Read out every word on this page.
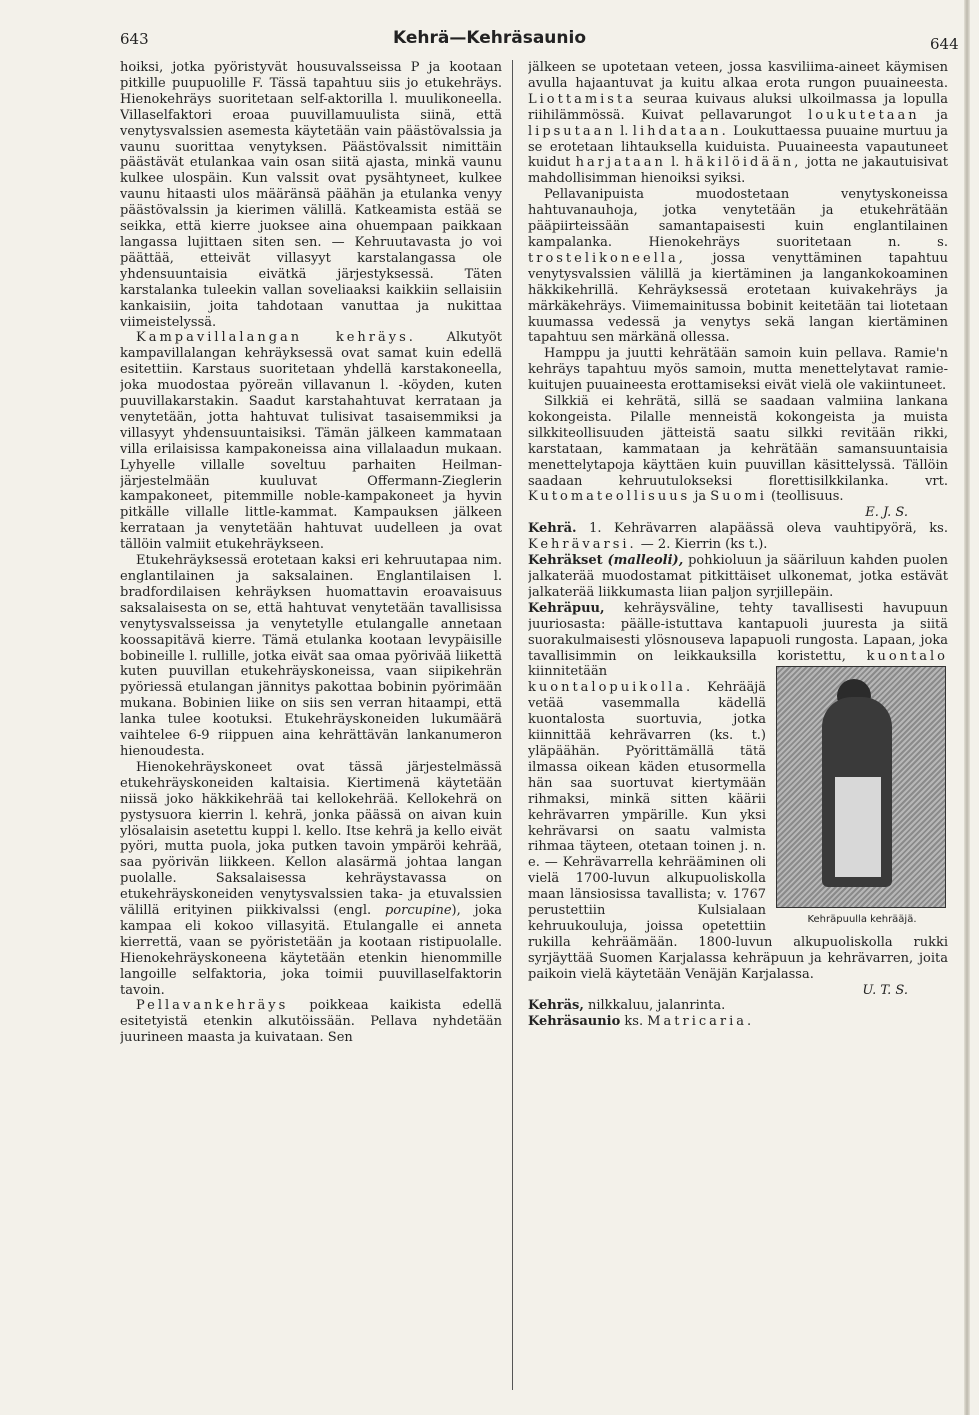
643	Kehrä—Kehräsaunio	644

hoiksi, jotka pyöristyvät housuvalsseissa P ja kootaan pitkille puupuolille F. Tässä tapahtuu siis jo etukehräys. Hienokehräys suoritetaan self-aktorilla l. muulikoneella. Villaselfaktori eroaa puuvillamuulista siinä, että venytysvalssien asemesta käytetään vain päästövalssia ja vaunu suorittaa venytyksen. Päästövalssit nimittäin päästävät etulankaa vain osan siitä ajasta, minkä vaunu kulkee ulospäin. Kun valssit ovat pysähtyneet, kulkee vaunu hitaasti ulos määränsä päähän ja etulanka venyy päästövalssin ja kierimen välillä. Katkeamista estää se seikka, että kierre juoksee aina ohuempaan paikkaan langassa lujittaen siten sen. — Kehruutavasta jo voi päättää, etteivät villasyyt karstalangassa ole yhdensuuntaisia eivätkä järjestyksessä. Täten karstalanka tuleekin vallan soveliaaksi kaikkiin sellaisiin kankaisiin, joita tahdotaan vanuttaa ja nukittaa viimeistelyssä.

Kampavillalangan kehräys. Alkutyöt kampavillalangan kehräyksessä ovat samat kuin edellä esitettiin. Karstaus suoritetaan yhdellä karstakoneella, joka muodostaa pyöreän villavanun l. -köyden, kuten puuvillakarstakin. Saadut karstahahtuvat kerrataan ja venytetään, jotta hahtuvat tulisivat tasaisemmiksi ja villasyyt yhdensuuntaisiksi. Tämän jälkeen kammataan villa erilaisissa kampakoneissa aina villalaadun mukaan. Lyhyelle villalle soveltuu parhaiten Heilman-järjestelmään kuuluvat Offermann-Zieglerin kampakoneet, pitemmille noble-kampakoneet ja hyvin pitkälle villalle little-kammat. Kampauksen jälkeen kerrataan ja venytetään hahtuvat uudelleen ja ovat tällöin valmiit etukehräykseen.

Etukehräyksessä erotetaan kaksi eri kehruutapaa nim. englantilainen ja saksalainen. Englantilaisen l. bradfordilaisen kehräyksen huomattavin eroavaisuus saksalaisesta on se, että hahtuvat venytetään tavallisissa venytysvalsseissa ja venytetylle etulangalle annetaan koossapitävä kierre. Tämä etulanka kootaan levypäisille bobineille l. rullille, jotka eivät saa omaa pyörivää liikettä kuten puuvillan etukehräyskoneissa, vaan siipikehrän pyöriessä etulangan jännitys pakottaa bobinin pyörimään mukana. Bobinien liike on siis sen verran hitaampi, että lanka tulee kootuksi. Etukehräyskoneiden lukumäärä vaihtelee 6-9 riippuen aina kehrättävän lankanumeron hienoudesta.

Hienokehräyskoneet ovat tässä järjestelmässä etukehräyskoneiden kaltaisia. Kiertimenä käytetään niissä joko häkkikehrää tai kellokehrää. Kellokehrä on pystysuora kierrin l. kehrä, jonka päässä on aivan kuin ylösalaisin asetettu kuppi l. kello. Itse kehrä ja kello eivät pyöri, mutta puola, joka putken tavoin ympäröi kehrää, saa pyörivän liikkeen. Kellon alasärmä johtaa langan puolalle. Saksalaisessa kehräystavassa on etukehräyskoneiden venytysvalssien taka- ja etuvalssien välillä erityinen piikkivalssi (engl. porcupine), joka kampaa eli kokoo villasyitä. Etulangalle ei anneta kierrettä, vaan se pyöristetään ja kootaan ristipuolalle. Hienokehräyskoneena käytetään etenkin hienommille langoille selfaktoria, joka toimii puuvillaselfaktorin tavoin.

Pellavankehräys poikkeaa kaikista edellä esitetyistä etenkin alkutöissään. Pellava nyhdetään juurineen maasta ja kuivataan. Sen

jälkeen se upotetaan veteen, jossa kasviliima-aineet käymisen avulla hajaantuvat ja kuitu alkaa erota rungon puuaineesta. Liottamista seuraa kuivaus aluksi ulkoilmassa ja lopulla riihilämmössä. Kuivat pellavarungot loukutetaan ja lipsutaan l. lihdataan. Loukuttaessa puuaine murtuu ja se erotetaan lihtauksella kuiduista. Puuaineesta vapautuneet kuidut harjataan l. häkilöidään, jotta ne jakautuisivat mahdollisimman hienoiksi syiksi.

Pellavanipuista muodostetaan venytyskoneissa hahtuvanauhoja, jotka venytetään ja etukehrätään pääpiirteissään samantapaisesti kuin englantilainen kampalanka. Hienokehräys suoritetaan n. s. trostelikoneella, jossa venyttäminen tapahtuu venytysvalssien välillä ja kiertäminen ja langankokoaminen häkkikehrillä. Kehräyksessä erotetaan kuivakehräys ja märkäkehräys. Viimemainitussa bobinit keitetään tai liotetaan kuumassa vedessä ja venytys sekä langan kiertäminen tapahtuu sen märkänä ollessa.

Hamppu ja juutti kehrätään samoin kuin pellava. Ramie'n kehräys tapahtuu myös samoin, mutta menettelytavat ramie-kuitujen puuaineesta erottamiseksi eivät vielä ole vakiintuneet.

Silkkiä ei kehrätä, sillä se saadaan valmiina lankana kokongeista. Pilalle menneistä kokongeista ja muista silkkiteollisuuden jätteistä saatu silkki revitään rikki, karstataan, kammataan ja kehrätään samansuuntaisia menettelytapoja käyttäen kuin puuvillan käsittelyssä. Tällöin saadaan kehruutulokseksi florettisilkkilanka. vrt. Kutomateollisuus ja Suomi (teollisuus.
E. J. S.

Kehrä. 1. Kehrävarren alapäässä oleva vauhtipyörä, ks. Kehrävarsi. — 2. Kierrin (ks t.).

Kehräkset (malleoli), pohkioluun ja sääriluun kahden puolen jalkaterää muodostamat pitkittäiset ulkonemat, jotka estävät jalkaterää liikkumasta liian paljon syrjillepäin.

Kehräpuu, kehräysväline, tehty tavallisesti havupuun juuriosasta: päälle-istuttava kantapuoli juuresta ja siitä suorakulmaisesti ylösnouseva lapapuoli rungosta. Lapaan, joka tavallisimmin on leikkauksilla koristettu,
Kehräpuulla kehrääjä.
kuontalo kiinnitetään kuontalopuikolla. Kehrääjä vetää vasemmalla kädellä kuontalosta suortuvia, jotka kiinnittää kehrävarren (ks. t.) yläpäähän. Pyörittämällä tätä ilmassa oikean käden etusormella hän saa suortuvat kiertymään rihmaksi, minkä sitten käärii kehrävarren ympärille. Kun yksi kehrävarsi on saatu valmista rihmaa täyteen, otetaan toinen j. n. e. — Kehrävarrella kehrääminen oli vielä 1700-luvun alkupuoliskolla maan länsiosissa tavallista; v. 1767 perustettiin Kulsialaan kehruukouluja, joissa opetettiin rukilla kehräämään. 1800-luvun alkupuoliskolla rukki syrjäyttää Suomen Karjalassa kehräpuun ja kehrävarren, joita paikoin vielä käytetään Venäjän Karjalassa.
U. T. S.

Kehräs, nilkkaluu, jalanrinta.

Kehräsaunio ks. Matricaria.
